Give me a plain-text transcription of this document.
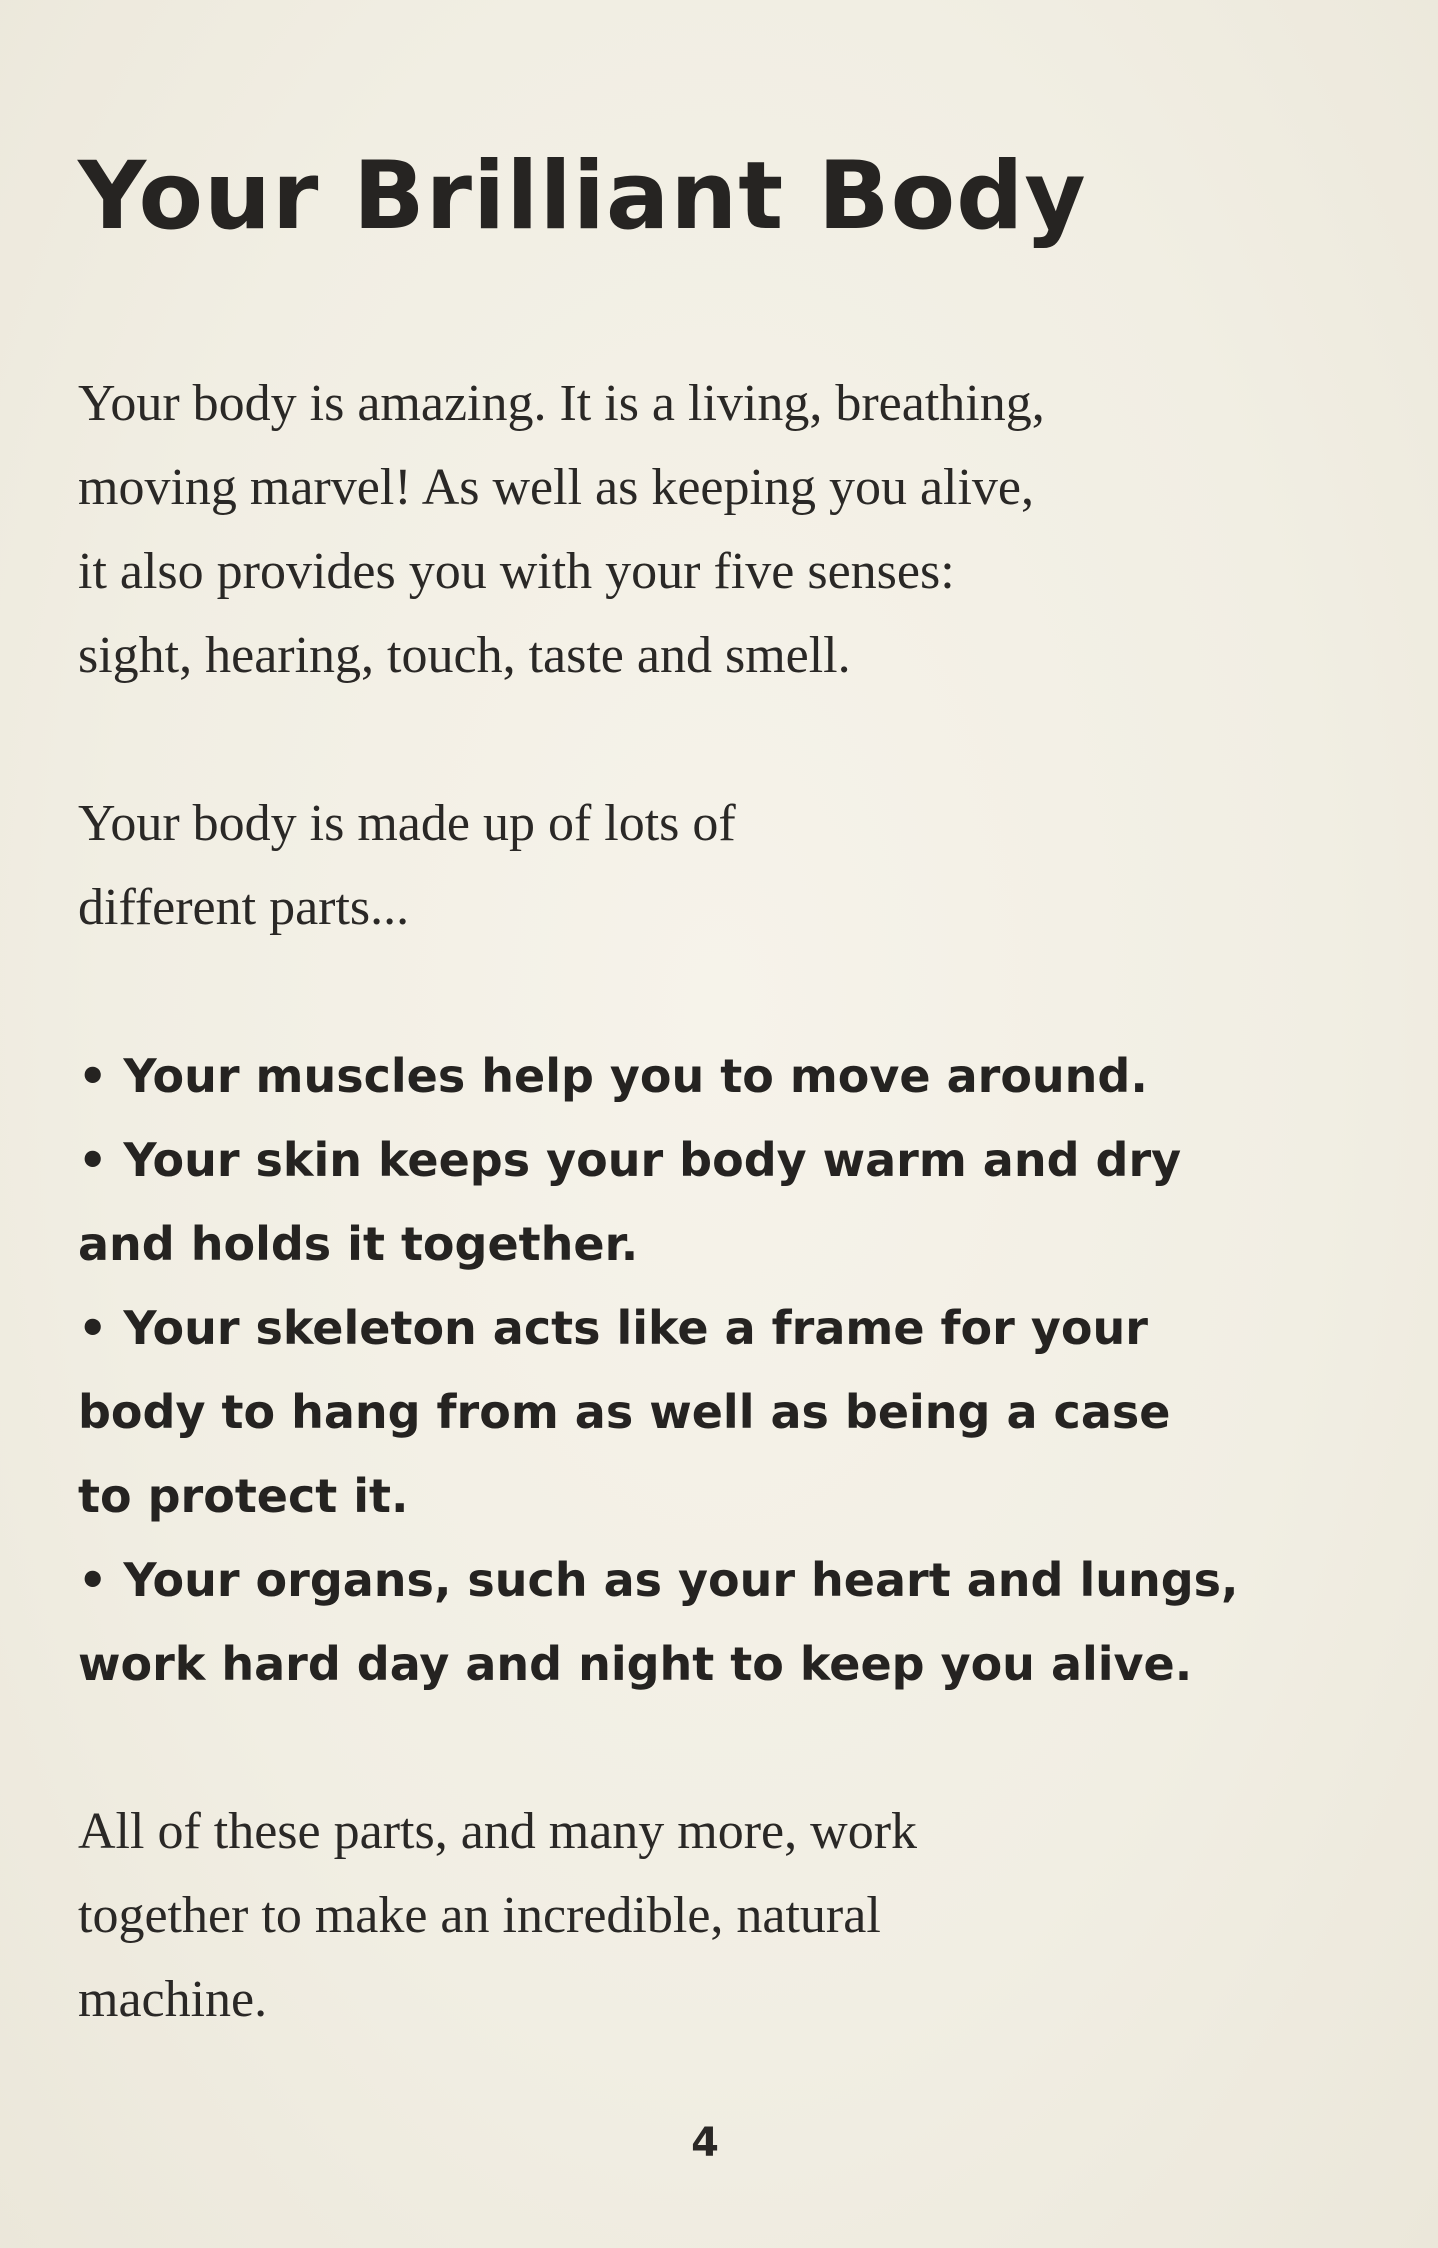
Your Brilliant Body

Your body is amazing. It is a living, breathing,
moving marvel! As well as keeping you alive,
it also provides you with your five senses:
sight, hearing, touch, taste and smell.

Your body is made up of lots of
different parts...

• Your muscles help you to move around.
• Your skin keeps your body warm and dry
and holds it together.
• Your skeleton acts like a frame for your
body to hang from as well as being a case
to protect it.
• Your organs, such as your heart and lungs,
work hard day and night to keep you alive.

All of these parts, and many more, work
together to make an incredible, natural
machine.

4
